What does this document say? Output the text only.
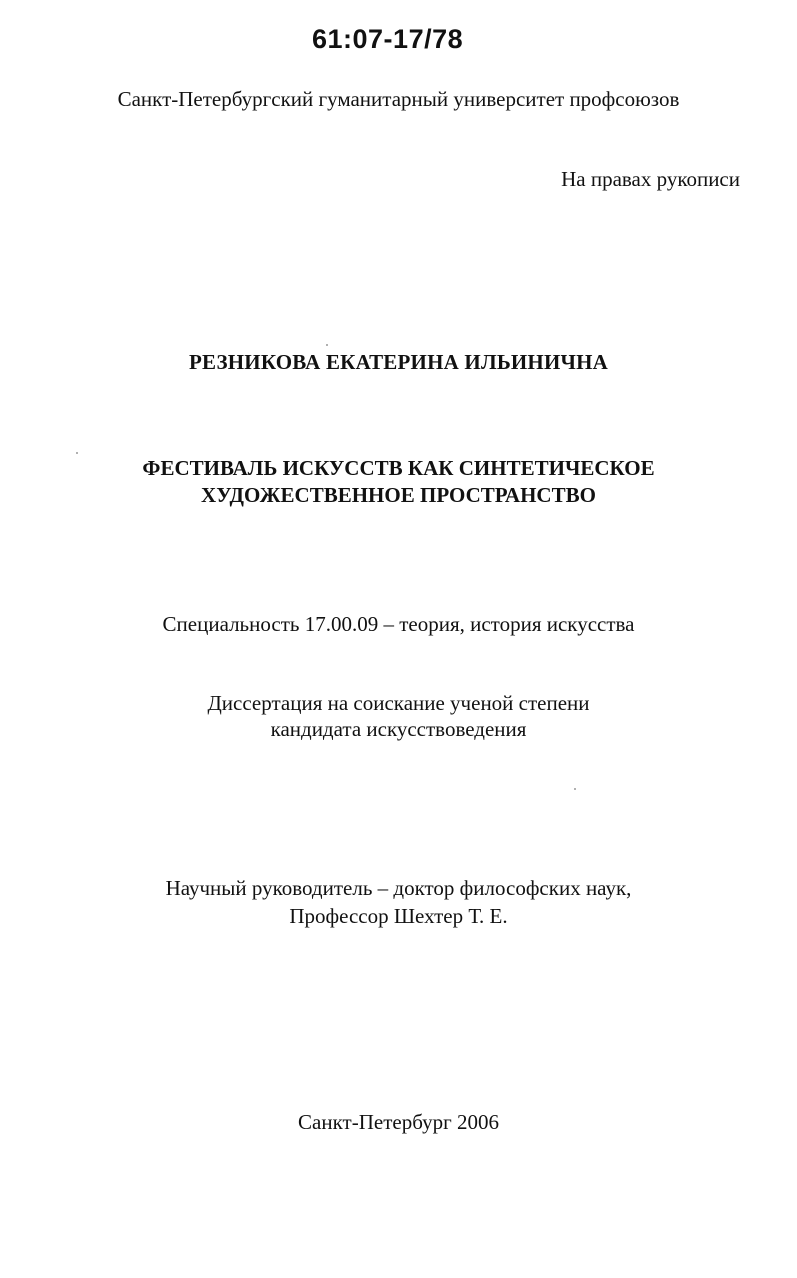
61:07-17/78
Санкт-Петербургский гуманитарный университет профсоюзов
На правах рукописи
РЕЗНИКОВА ЕКАТЕРИНА ИЛЬИНИЧНА
ФЕСТИВАЛЬ ИСКУССТВ КАК СИНТЕТИЧЕСКОЕ
ХУДОЖЕСТВЕННОЕ ПРОСТРАНСТВО
Специальность 17.00.09 – теория, история искусства
Диссертация на соискание ученой степени
кандидата искусствоведения
Научный руководитель – доктор философских наук,
Профессор Шехтер Т. Е.
Санкт-Петербург 2006
